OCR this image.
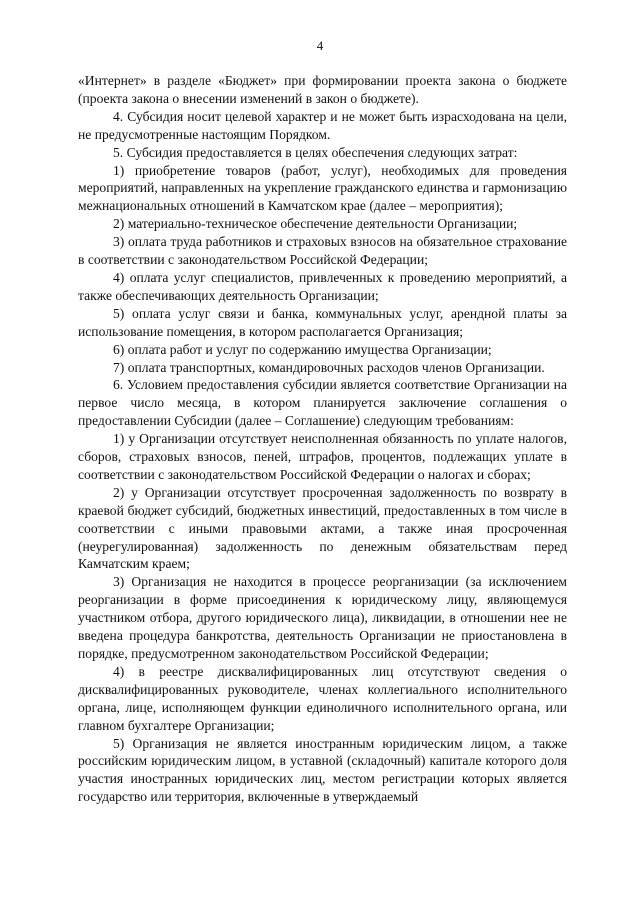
4

«Интернет» в разделе «Бюджет» при формировании проекта закона о бюджете (проекта закона о внесении изменений в закон о бюджете).

4. Субсидия носит целевой характер и не может быть израсходована на цели, не предусмотренные настоящим Порядком.

5. Субсидия предоставляется в целях обеспечения следующих затрат:

1) приобретение товаров (работ, услуг), необходимых для проведения мероприятий, направленных на укрепление гражданского единства и гармонизацию межнациональных отношений в Камчатском крае (далее – мероприятия);

2) материально-техническое обеспечение деятельности Организации;

3) оплата труда работников и страховых взносов на обязательное страхование в соответствии с законодательством Российской Федерации;

4) оплата услуг специалистов, привлеченных к проведению мероприятий, а также обеспечивающих деятельность Организации;

5) оплата услуг связи и банка, коммунальных услуг, арендной платы за использование помещения, в котором располагается Организация;

6) оплата работ и услуг по содержанию имущества Организации;

7) оплата транспортных, командировочных расходов членов Организации.

6. Условием предоставления субсидии является соответствие Организации на первое число месяца, в котором планируется заключение соглашения о предоставлении Субсидии (далее – Соглашение) следующим требованиям:

1) у Организации отсутствует неисполненная обязанность по уплате налогов, сборов, страховых взносов, пеней, штрафов, процентов, подлежащих уплате в соответствии с законодательством Российской Федерации о налогах и сборах;

2) у Организации отсутствует просроченная задолженность по возврату в краевой бюджет субсидий, бюджетных инвестиций, предоставленных в том числе в соответствии с иными правовыми актами, а также иная просроченная (неурегулированная) задолженность по денежным обязательствам перед Камчатским краем;

3) Организация не находится в процессе реорганизации (за исключением реорганизации в форме присоединения к юридическому лицу, являющемуся участником отбора, другого юридического лица), ликвидации, в отношении нее не введена процедура банкротства, деятельность Организации не приостановлена в порядке, предусмотренном законодательством Российской Федерации;

4) в реестре дисквалифицированных лиц отсутствуют сведения о дисквалифицированных руководителе, членах коллегиального исполнительного органа, лице, исполняющем функции единоличного исполнительного органа, или главном бухгалтере Организации;

5) Организация не является иностранным юридическим лицом, а также российским юридическим лицом, в уставной (складочный) капитале которого доля участия иностранных юридических лиц, местом регистрации которых является государство или территория, включенные в утверждаемый
